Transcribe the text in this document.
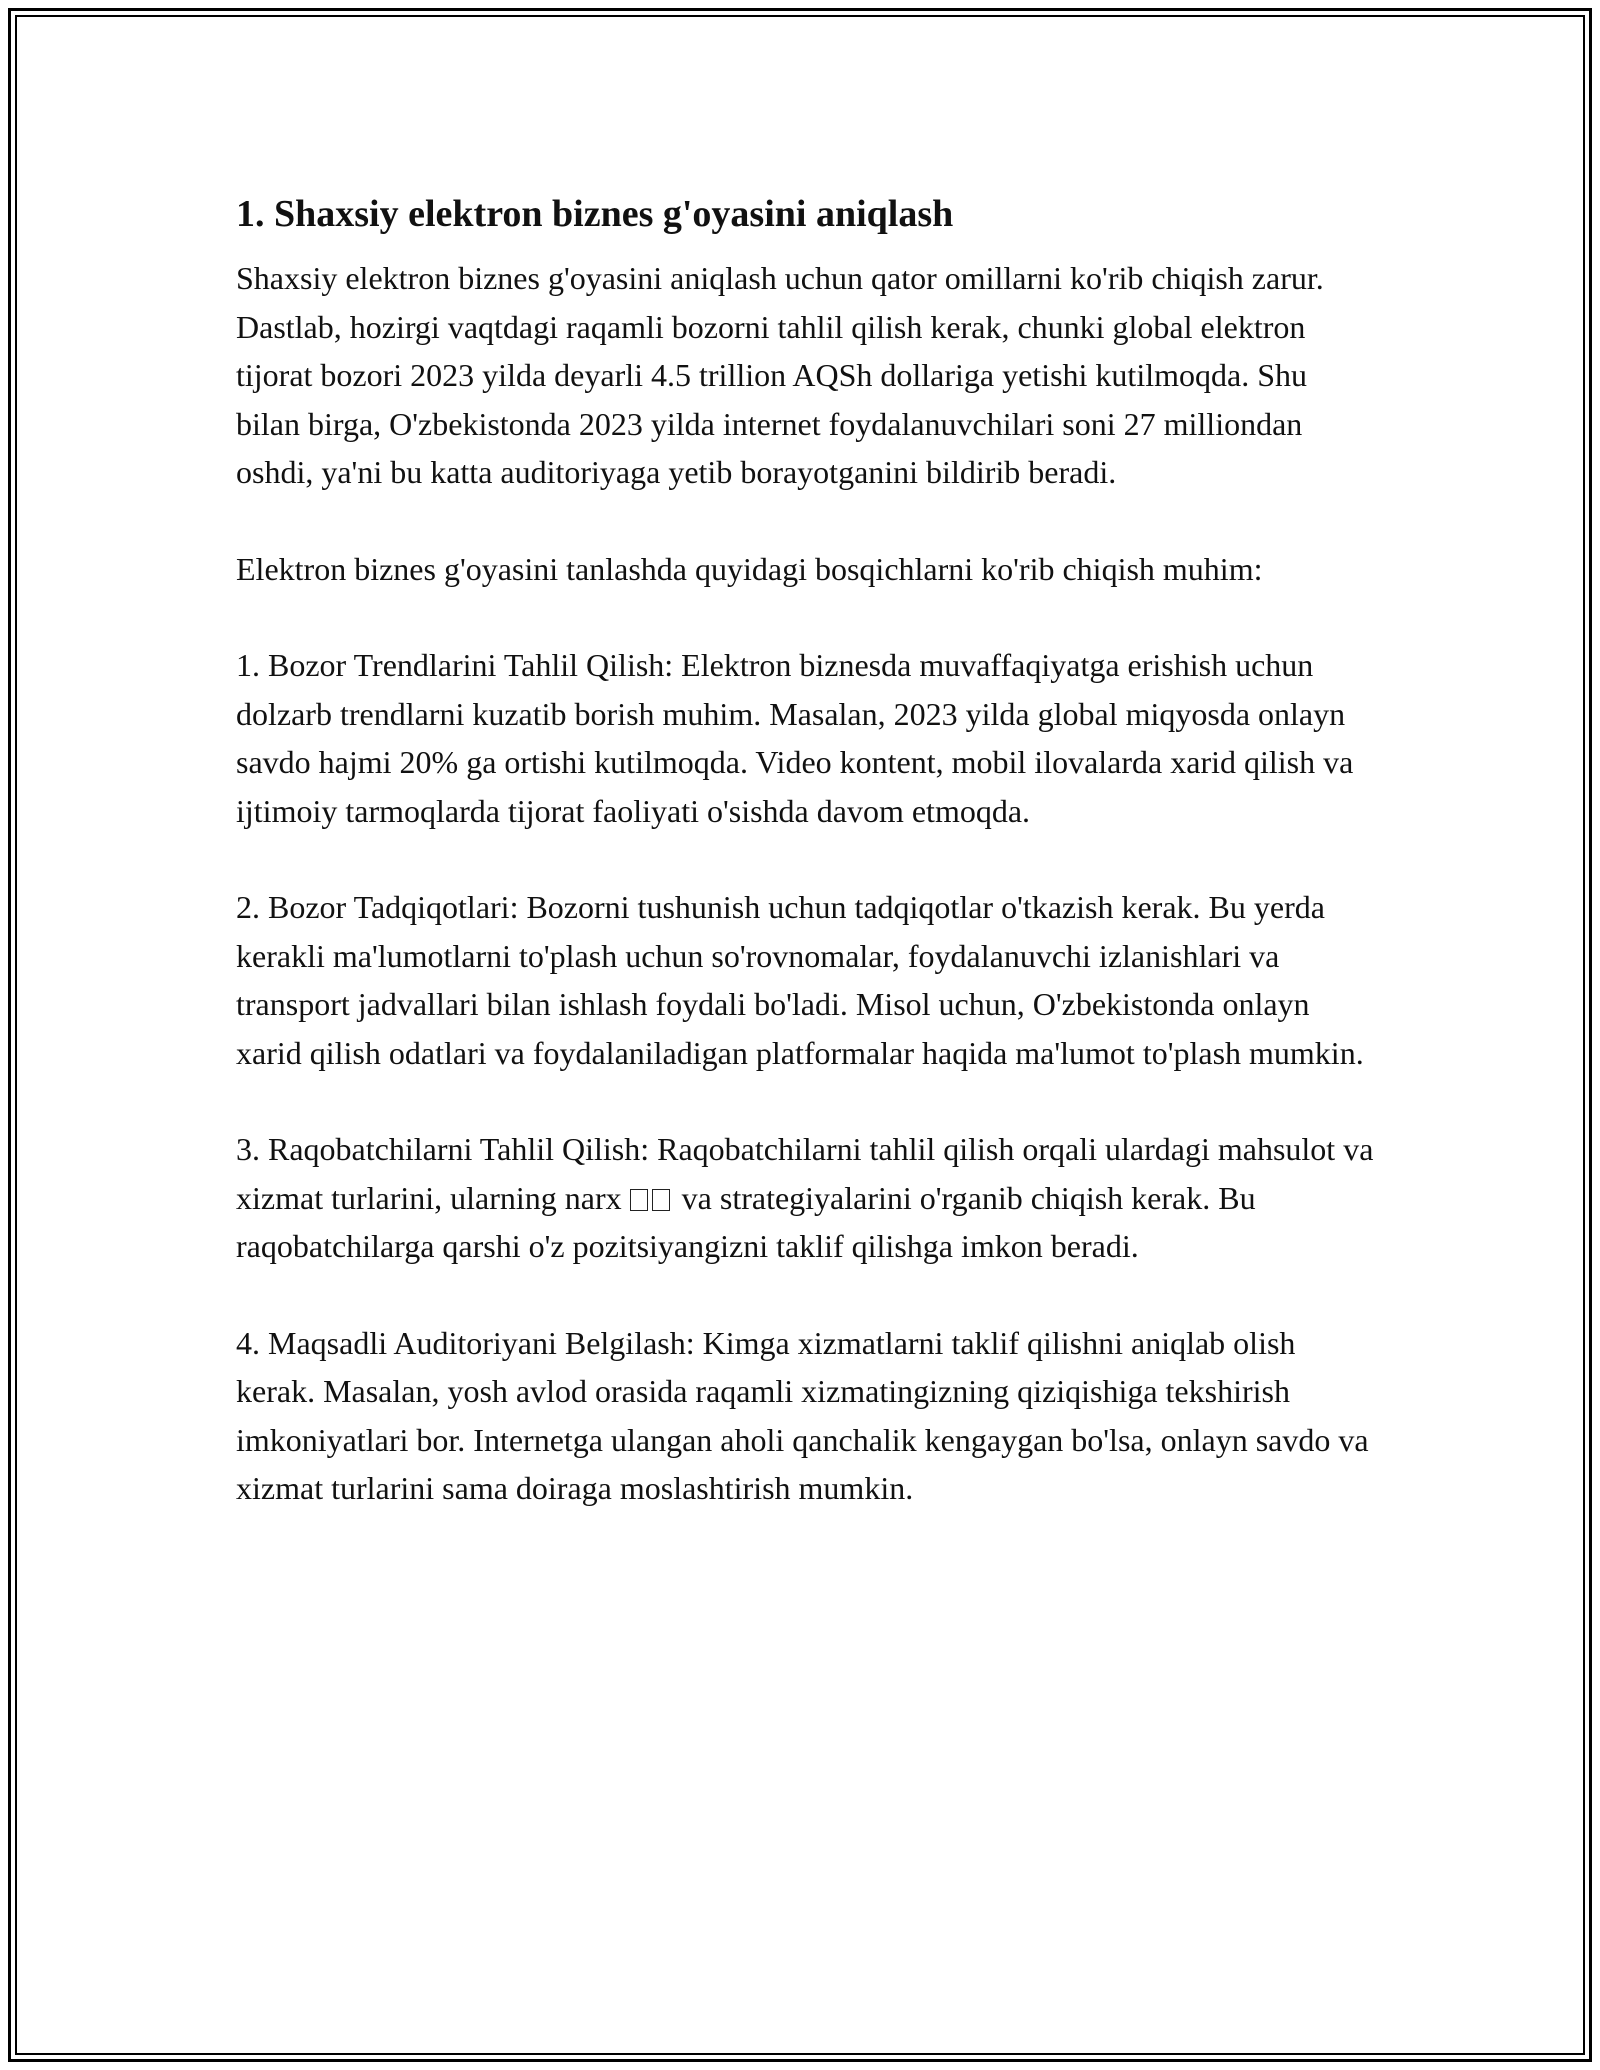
1. Shaxsiy elektron biznes g'oyasini aniqlash

Shaxsiy elektron biznes g'oyasini aniqlash uchun qator omillarni ko'rib chiqish zarur. Dastlab, hozirgi vaqtdagi raqamli bozorni tahlil qilish kerak, chunki global elektron tijorat bozori 2023 yilda deyarli 4.5 trillion AQSh dollariga yetishi kutilmoqda. Shu bilan birga, O'zbekistonda 2023 yilda internet foydalanuvchilari soni 27 milliondan oshdi, ya'ni bu katta auditoriyaga yetib borayotganini bildirib beradi.

Elektron biznes g'oyasini tanlashda quyidagi bosqichlarni ko'rib chiqish muhim:

1. Bozor Trendlarini Tahlil Qilish: Elektron biznesda muvaffaqiyatga erishish uchun dolzarb trendlarni kuzatib borish muhim. Masalan, 2023 yilda global miqyosda onlayn savdo hajmi 20% ga ortishi kutilmoqda. Video kontent, mobil ilovalarda xarid qilish va ijtimoiy tarmoqlarda tijorat faoliyati o'sishda davom etmoqda.

2. Bozor Tadqiqotlari: Bozorni tushunish uchun tadqiqotlar o'tkazish kerak. Bu yerda kerakli ma'lumotlarni to'plash uchun so'rovnomalar, foydalanuvchi izlanishlari va transport jadvallari bilan ishlash foydali bo'ladi. Misol uchun, O'zbekistonda onlayn xarid qilish odatlari va foydalaniladigan platformalar haqida ma'lumot to'plash mumkin.

3. Raqobatchilarni Tahlil Qilish: Raqobatchilarni tahlil qilish orqali ulardagi mahsulot va xizmat turlarini, ularning narx va strategiyalarini o'rganib chiqish kerak. Bu raqobatchilarga qarshi o'z pozitsiyangizni taklif qilishga imkon beradi.

4. Maqsadli Auditoriyani Belgilash: Kimga xizmatlarni taklif qilishni aniqlab olish kerak. Masalan, yosh avlod orasida raqamli xizmatingizning qiziqishiga tekshirish imkoniyatlari bor. Internetga ulangan aholi qanchalik kengaygan bo'lsa, onlayn savdo va xizmat turlarini sama doiraga moslashtirish mumkin.
